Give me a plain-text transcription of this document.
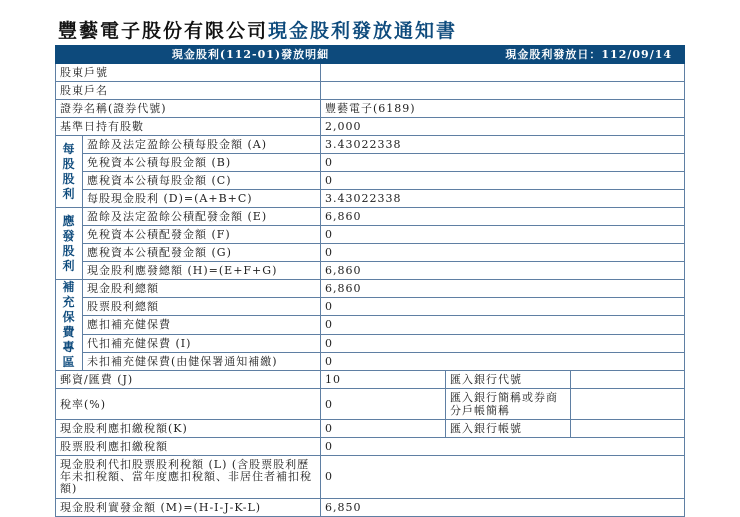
豐藝電子股份有限公司現金股利發放通知書
現金股利(112-01)發放明細			現金股利發放日：112/09/14	
股東戶號				
股東戶名				
證券名稱(證券代號)		豐藝電子(6189)		
基準日持有股數		2,000		

每
股
股
利	盈餘及法定盈餘公積每股金額 (A)	3.43022338		
	免稅資本公積每股金額 (B)	0		
	應稅資本公積每股金額 (C)	0		
	每股現金股利 (D)=(A+B+C)	3.43022338		

應
發
股
利	盈餘及法定盈餘公積配發金額 (E)	6,860		
	免稅資本公積配發金額 (F)	0		
	應稅資本公積配發金額 (G)	0		
	現金股利應發總額 (H)=(E+F+G)	6,860		

補
充
保
費
專
區
	現金股利總額	6,860
	股票股利總額	0		
	應扣補充健保費	0		
	代扣補充健保費 (I)	0		
	未扣補充健保費(由健保署通知補繳)	0		
郵資/匯費 (J)		10	匯入銀行代號	
稅率(%)		0	匯入銀行簡稱或券商分戶帳簡稱	
現金股利應扣繳稅額(K)		0	匯入銀行帳號	
股票股利應扣繳稅額		0		
現金股利代扣股票股利稅額 (L) (含股票股利歷年未扣稅額、當年度應扣稅額、非居住者補扣稅額)		0		
現金股利實發金額 (M)=(H-I-J-K-L)		6,850		
